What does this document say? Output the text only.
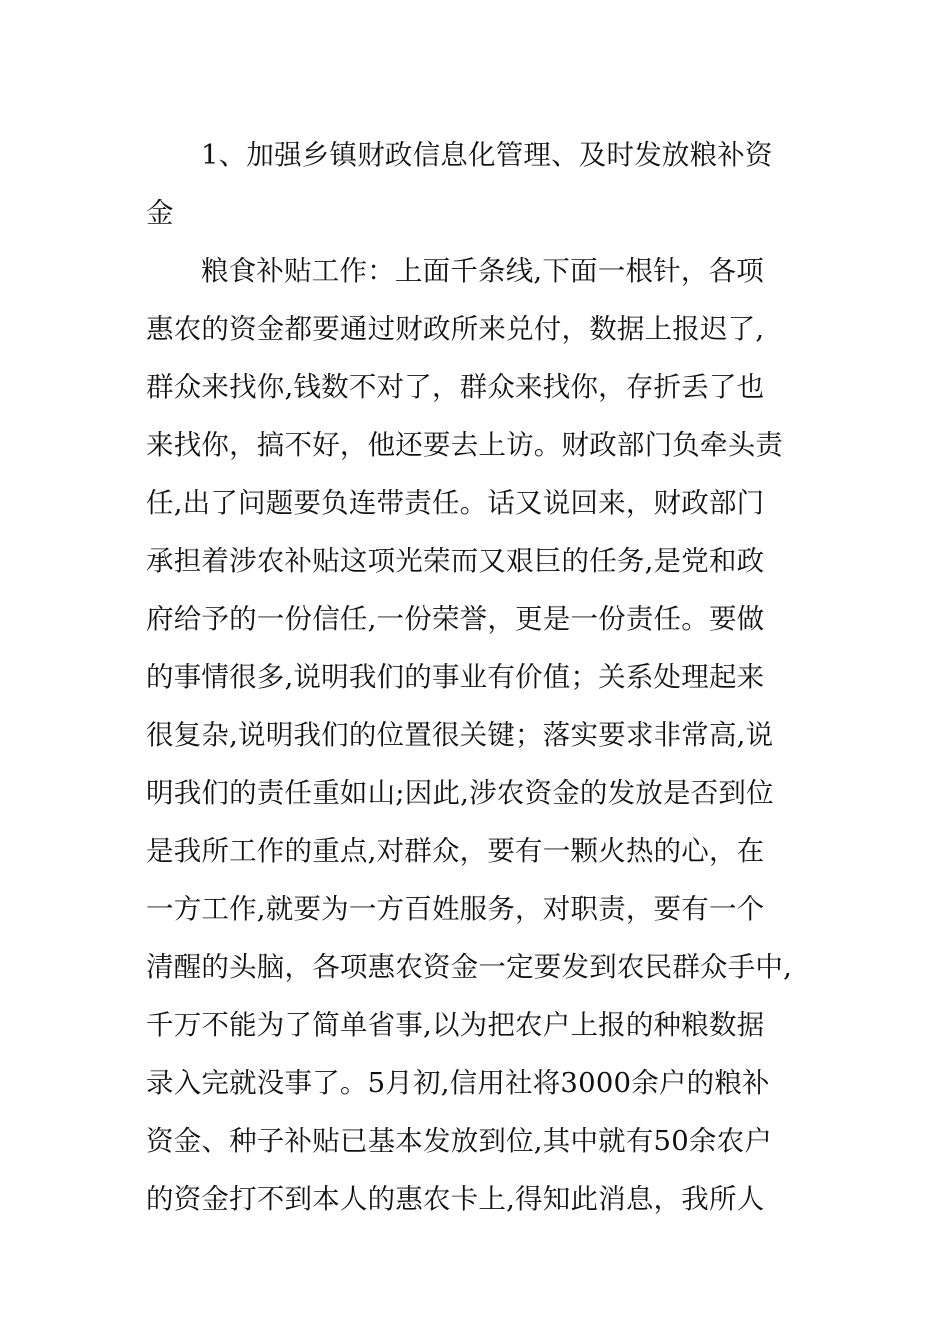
1、加强乡镇财政信息化管理、及时发放粮补资
金
粮食补贴工作：上面千条线,下面一根针，各项
惠农的资金都要通过财政所来兑付，数据上报迟了,
群众来找你,钱数不对了，群众来找你，存折丢了也
来找你，搞不好，他还要去上访。财政部门负牵头责
任,出了问题要负连带责任。话又说回来，财政部门
承担着涉农补贴这项光荣而又艰巨的任务,是党和政
府给予的一份信任,一份荣誉，更是一份责任。要做
的事情很多,说明我们的事业有价值；关系处理起来
很复杂,说明我们的位置很关键；落实要求非常高,说
明我们的责任重如山;因此,涉农资金的发放是否到位
是我所工作的重点,对群众，要有一颗火热的心，在
一方工作,就要为一方百姓服务，对职责，要有一个
清醒的头脑，各项惠农资金一定要发到农民群众手中,
千万不能为了简单省事,以为把农户上报的种粮数据
录入完就没事了。5月初,信用社将3000余户的粮补
资金、种子补贴已基本发放到位,其中就有50余农户
的资金打不到本人的惠农卡上,得知此消息，我所人
